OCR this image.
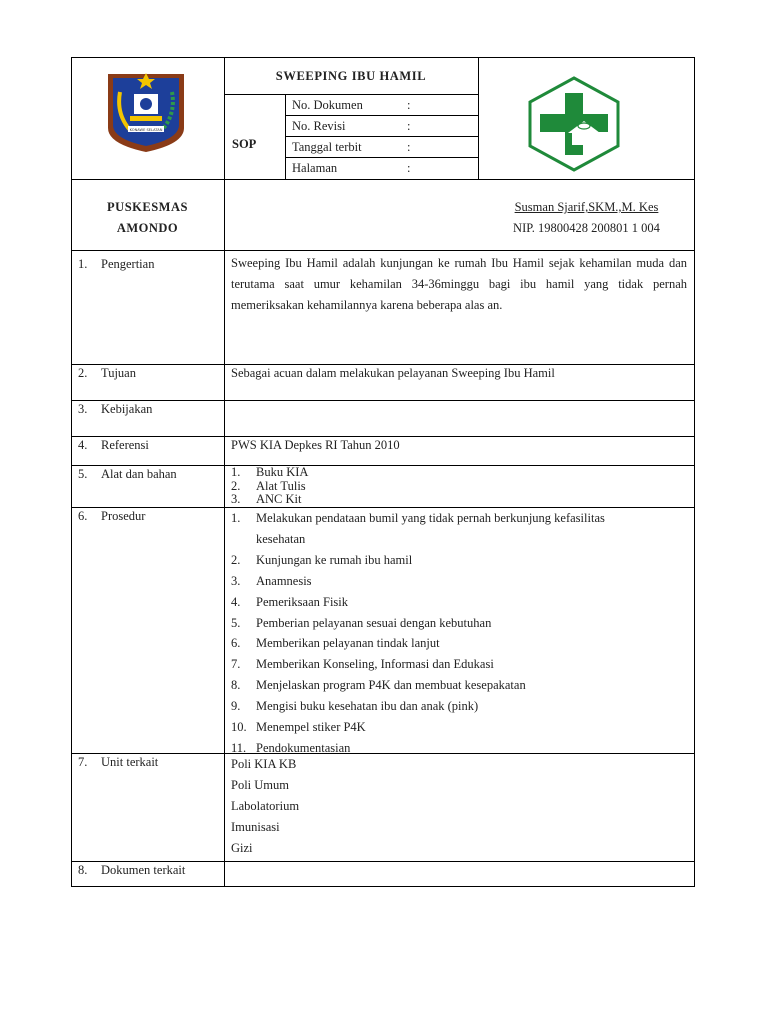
KONAWE SELATAN
SWEEPING IBU HAMIL
SOP
No. Dokumen	:
No. Revisi	:
Tanggal terbit	:
Halaman	:
PUSKESMAS
AMONDO
Susman Sjarif,SKM.,M. Kes
NIP. 19800428 200801 1 004
1. Pengertian	Sweeping Ibu Hamil adalah kunjungan ke rumah Ibu Hamil sejak kehamilan muda dan terutama saat umur kehamilan 34-36minggu bagi ibu hamil yang tidak pernah memeriksakan kehamilannya karena beberapa alas an.
2. Tujuan	Sebagai acuan dalam melakukan pelayanan Sweeping Ibu Hamil
3. Kebijakan
4. Referensi	PWS KIA Depkes RI Tahun 2010
5. Alat dan bahan	1. Buku KIA
2. Alat Tulis
3. ANC Kit
6. Prosedur	1. Melakukan pendataan bumil yang tidak pernah berkunjung kefasilitas
kesehatan
2. Kunjungan ke rumah ibu hamil
3. Anamnesis
4. Pemeriksaan Fisik
5. Pemberian pelayanan sesuai dengan kebutuhan
6. Memberikan pelayanan tindak lanjut
7. Memberikan Konseling, Informasi dan Edukasi
8. Menjelaskan program P4K dan membuat kesepakatan
9. Mengisi buku kesehatan ibu dan anak (pink)
10. Menempel stiker P4K
11. Pendokumentasian
7. Unit terkait	Poli KIA KB
Poli Umum
Labolatorium
Imunisasi
Gizi
8. Dokumen terkait
